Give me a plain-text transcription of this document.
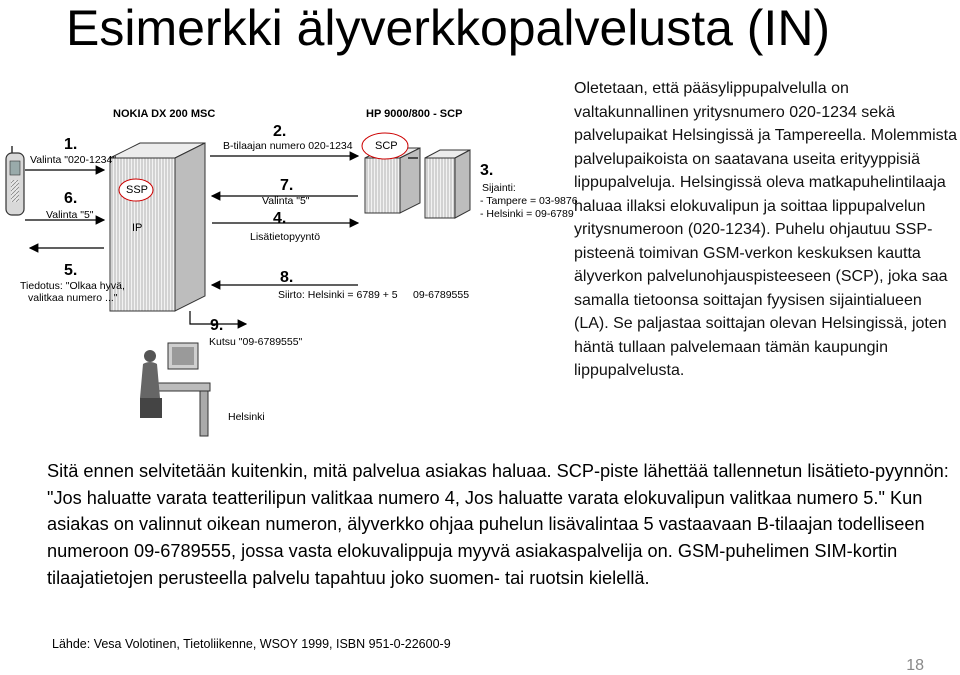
Esimerkki älyverkkopalvelusta (IN)
NOKIA DX 200 MSC	HP 9000/800 - SCP
SSP
IP
SCP
1.
Valinta "020-1234"
2.
B-tilaajan numero 020-1234
3.
Sijainti:
- Tampere = 03-9876
- Helsinki = 09-6789
4.
Lisätietopyyntö
5.
Tiedotus: "Olkaa hyvä,
valitkaa numero ..."
6.
Valinta "5"
7.
Valinta "5"
8.
Siirto: Helsinki = 6789 + 5 09-6789555
9.
Kutsu "09-6789555"
Helsinki
Oletetaan, että pääsylippupalvelulla on valtakunnallinen yritysnumero 020-1234 sekä palvelupaikat Helsingissä ja Tampereella. Molemmista palvelupaikoista on saatavana useita erityyppisiä lippupalveluja. Helsingissä oleva matkapuhelintilaaja haluaa illaksi elokuvalipun ja soittaa lippupalvelun yritysnumeroon (020-1234). Puhelu ohjautuu SSP-pisteenä toimivan GSM-verkon keskuksen kautta älyverkon palvelunohjauspisteeseen (SCP), joka saa samalla tietoonsa soittajan fyysisen sijaintialueen (LA). Se paljastaa soittajan olevan Helsingissä, joten häntä tullaan palvelemaan tämän kaupungin lippupalvelusta.
Sitä ennen selvitetään kuitenkin, mitä palvelua asiakas haluaa. SCP-piste lähettää tallennetun lisätieto-pyynnön: "Jos haluatte varata teatterilipun valitkaa numero 4, Jos haluatte varata elokuvalipun valitkaa numero 5." Kun asiakas on valinnut oikean numeron, älyverkko ohjaa puhelun lisävalintaa 5 vastaavaan B-tilaajan todelliseen numeroon 09-6789555, jossa vasta elokuvalippuja myyvä asiakaspalvelija on. GSM-puhelimen SIM-kortin tilaajatietojen perusteella palvelu tapahtuu joko suomen- tai ruotsin kielellä.
Lähde: Vesa Volotinen, Tietoliikenne, WSOY 1999, ISBN 951-0-22600-9
18
